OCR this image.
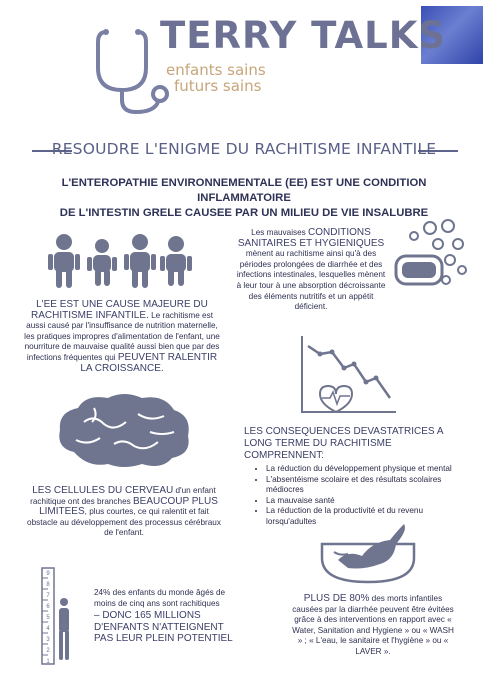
TERRY TALKS
enfants sains
futurs sains
RESOUDRE L'ENIGME DU RACHITISME INFANTILE
L'ENTEROPATHIE ENVIRONNEMENTALE (EE) EST UNE CONDITION INFLAMMATOIRE
DE L'INTESTIN GRELE CAUSEE PAR UN MILIEU DE VIE INSALUBRE
Les mauvaises CONDITIONS SANITAIRES ET HYGIENIQUES mènent au rachitisme ainsi qu'à des périodes prolongées de diarrhée et des infections intestinales, lesquelles mènent à leur tour à une absorption décroissante des éléments nutritifs et un appétit déficient.
L'EE EST UNE CAUSE MAJEURE DU RACHITISME INFANTILE. Le rachitisme est aussi causé par l'insuffisance de nutrition maternelle, les pratiques impropres d'alimentation de l'enfant, une nourriture de mauvaise qualité aussi bien que par des infections fréquentes qui PEUVENT RALENTIR LA CROISSANCE.
LES CONSEQUENCES DEVASTATRICES A LONG TERME DU RACHITISME COMPRENNENT:
• La réduction du développement physique et mental
• L'absentéisme scolaire et des résultats scolaires médiocres
• La mauvaise santé
• La réduction de la productivité et du revenu lorsqu'adultes
LES CELLULES DU CERVEAU d'un enfant rachitique ont des branches BEAUCOUP PLUS LIMITEES, plus courtes, ce qui ralentit et fait obstacle au développement des processus cérébraux de l'enfant.
9
8
7
6
5
4
3
2
1
24% des enfants du monde âgés de moins de cinq ans sont rachitiques
– DONC 165 MILLIONS D'ENFANTS N'ATTEIGNENT PAS LEUR PLEIN POTENTIEL
PLUS DE 80% des morts infantiles causées par la diarrhée peuvent être évitées grâce à des interventions en rapport avec « Water, Sanitation and Hygiene » ou « WASH » ; « L'eau, le sanitaire et l'hygiène » ou « LAVER ».
